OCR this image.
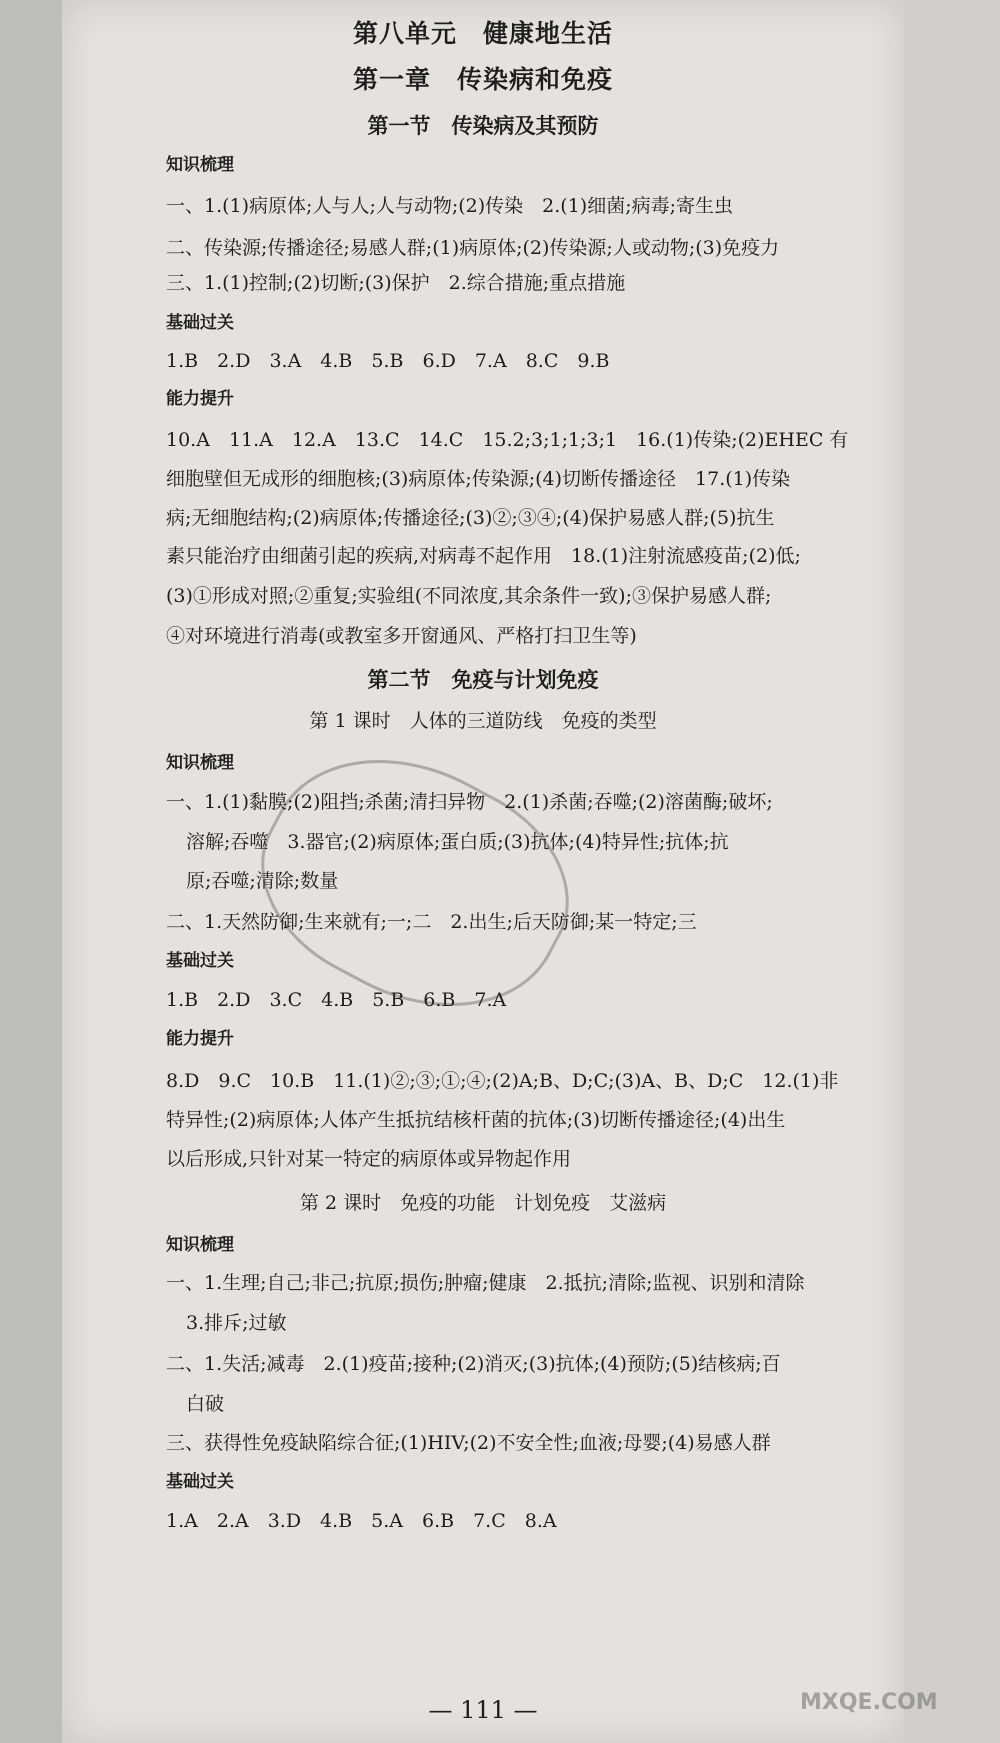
第八单元　健康地生活
第一章　传染病和免疫
第一节　传染病及其预防

知识梳理

一、1.(1)病原体;人与人;人与动物;(2)传染　2.(1)细菌;病毒;寄生虫

二、传染源;传播途径;易感人群;(1)病原体;(2)传染源;人或动物;(3)免疫力

三、1.(1)控制;(2)切断;(3)保护　2.综合措施;重点措施

基础过关

1.B　2.D　3.A　4.B　5.B　6.D　7.A　8.C　9.B

能力提升

10.A　11.A　12.A　13.C　14.C　15.2;3;1;1;3;1　16.(1)传染;(2)EHEC 有

细胞壁但无成形的细胞核;(3)病原体;传染源;(4)切断传播途径　17.(1)传染

病;无细胞结构;(2)病原体;传播途径;(3)②;③④;(4)保护易感人群;(5)抗生

素只能治疗由细菌引起的疾病,对病毒不起作用　18.(1)注射流感疫苗;(2)低;

(3)①形成对照;②重复;实验组(不同浓度,其余条件一致);③保护易感人群;

④对环境进行消毒(或教室多开窗通风、严格打扫卫生等)

第二节　免疫与计划免疫
第 1 课时　人体的三道防线　免疫的类型

知识梳理

一、1.(1)黏膜;(2)阻挡;杀菌;清扫异物　2.(1)杀菌;吞噬;(2)溶菌酶;破坏;

溶解;吞噬　3.器官;(2)病原体;蛋白质;(3)抗体;(4)特异性;抗体;抗

原;吞噬;清除;数量

二、1.天然防御;生来就有;一;二　2.出生;后天防御;某一特定;三

基础过关

1.B　2.D　3.C　4.B　5.B　6.B　7.A

能力提升

8.D　9.C　10.B　11.(1)②;③;①;④;(2)A;B、D;C;(3)A、B、D;C　12.(1)非

特异性;(2)病原体;人体产生抵抗结核杆菌的抗体;(3)切断传播途径;(4)出生

以后形成,只针对某一特定的病原体或异物起作用

第 2 课时　免疫的功能　计划免疫　艾滋病

知识梳理

一、1.生理;自己;非己;抗原;损伤;肿瘤;健康　2.抵抗;清除;监视、识别和清除

3.排斥;过敏

二、1.失活;减毒　2.(1)疫苗;接种;(2)消灭;(3)抗体;(4)预防;(5)结核病;百

白破

三、获得性免疫缺陷综合征;(1)HIV;(2)不安全性;血液;母婴;(4)易感人群

基础过关

1.A　2.A　3.D　4.B　5.A　6.B　7.C　8.A

— 111 —	MXQE.COM
